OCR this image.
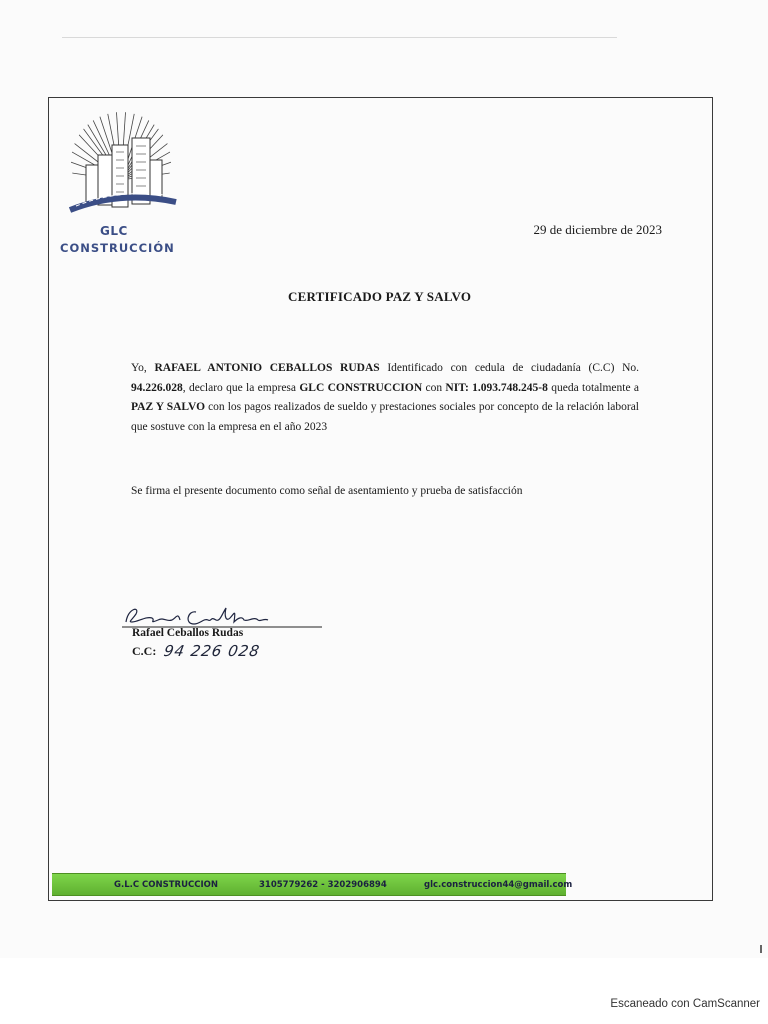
GLC
CONSTRUCCIÓN
29 de diciembre de 2023
CERTIFICADO PAZ Y SALVO
Yo, RAFAEL ANTONIO CEBALLOS RUDAS Identificado con cedula de ciudadanía (C.C) No. 94.226.028, declaro que la empresa GLC CONSTRUCCION con NIT: 1.093.748.245-8 queda totalmente a PAZ Y SALVO con los pagos realizados de sueldo y prestaciones sociales por concepto de la relación laboral que sostuve con la empresa en el año 2023
Se firma el presente documento como señal de asentamiento y prueba de satisfacción
Rafael Ceballos Rudas
C.C: 94 226 028
G.L.C CONSTRUCCION	3105779262 - 3202906894	glc.construccion44@gmail.com
Escaneado con CamScanner
